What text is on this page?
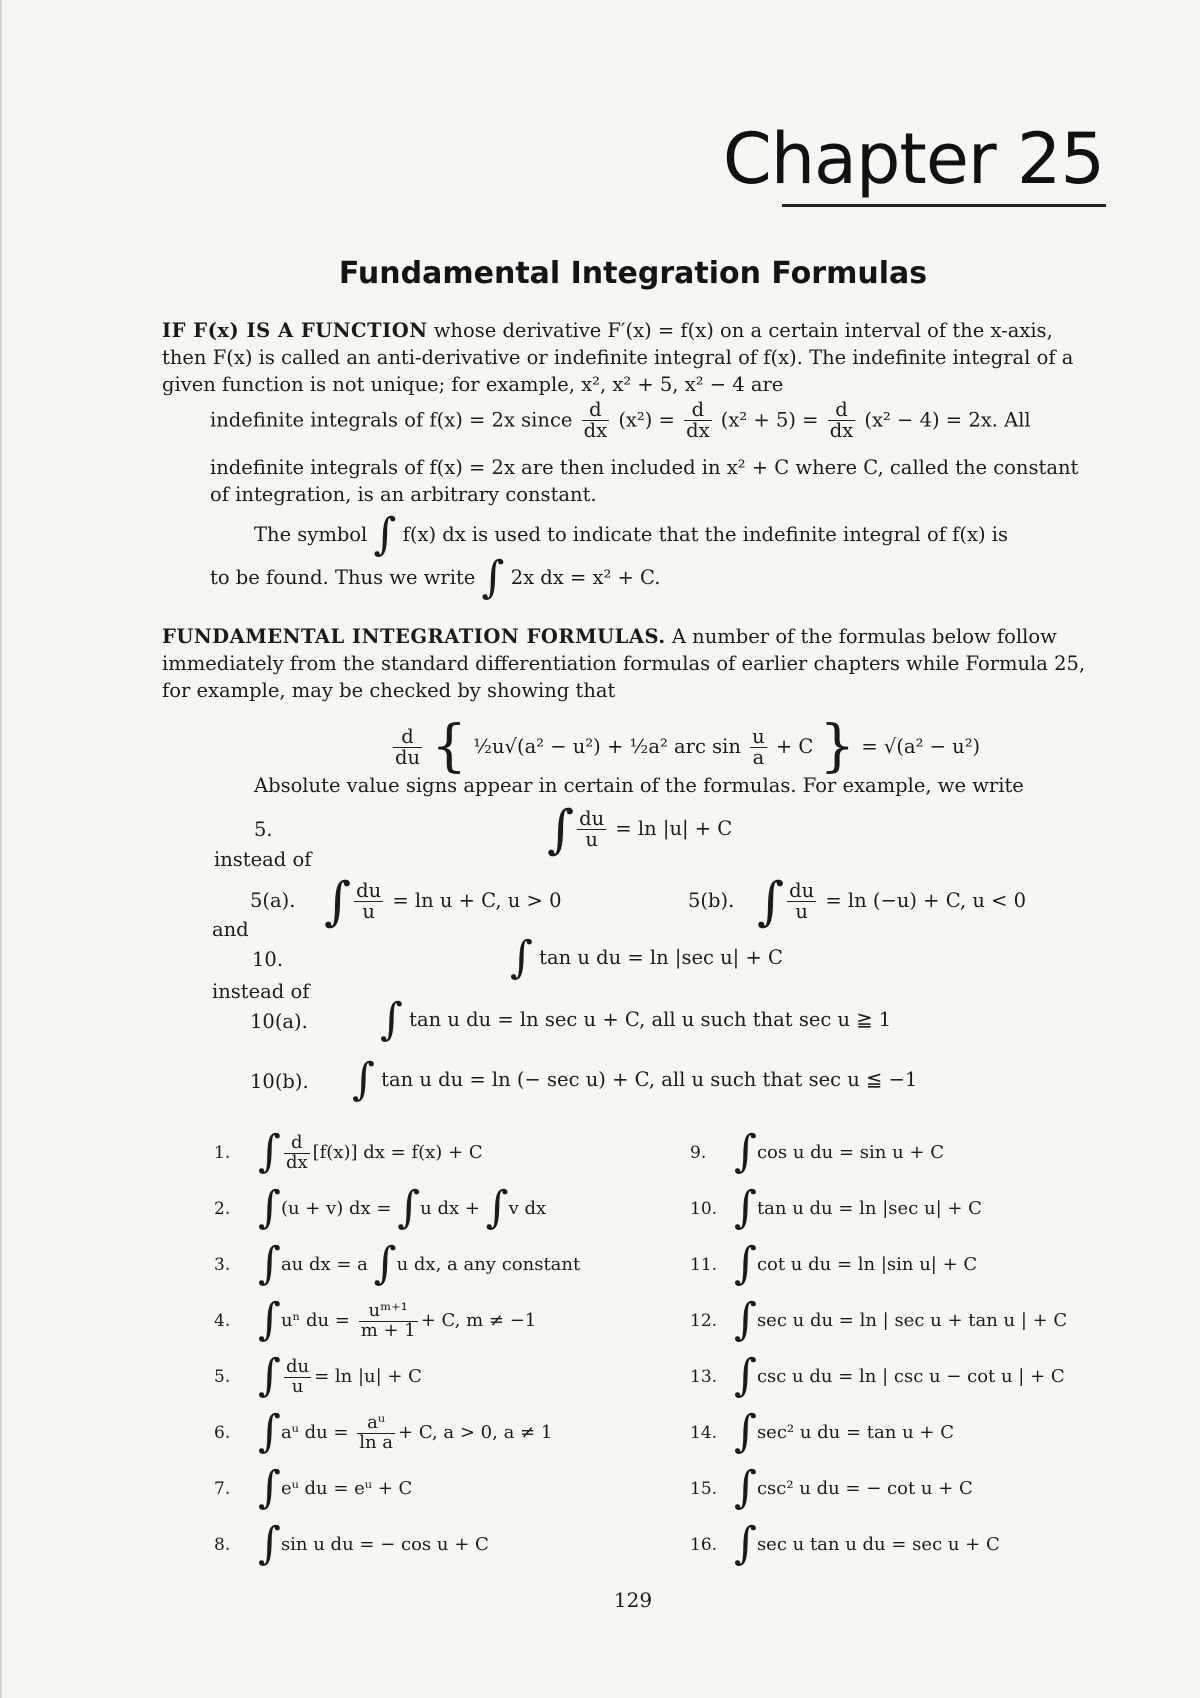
Chapter 25
Fundamental Integration Formulas
IF F(x) IS A FUNCTION whose derivative F′(x) = f(x) on a certain interval of the x-axis, then F(x) is called an anti-derivative or indefinite integral of f(x). The indefinite integral of a given function is not unique; for example, x², x² + 5, x² − 4 are
indefinite integrals of f(x) = 2x since $\frac{d}{dx} (x^2) = \frac{d}{dx} (x^2 + 5) = \frac{d}{dx} (x^2 - 4) = 2x$. All
indefinite integrals of f(x) = 2x are then included in x² + C where C, called the constant of integration, is an arbitrary constant.
The symbol ∫ f(x) dx is used to indicate that the indefinite integral of f(x) is
to be found. Thus we write ∫ 2x dx = x² + C.
FUNDAMENTAL INTEGRATION FORMULAS. A number of the formulas below follow immediately from the standard differentiation formulas of earlier chapters while Formula 25, for example, may be checked by showing that
$\frac{d}{du}$ { ½u√(a² − u²) + ½a² arc $\sin \frac{u}{a} + C$ } = √(a² − u²)
Absolute value signs appear in certain of the formulas. For example, we write
5.	∫ $\frac{du}{u} = \ln |u| + C$
instead of
5(a). ∫ $\frac{du}{u} = \ln u + C$, u > 0	5(b). ∫ $\frac{du}{u} = \ln (-u) + C$, u < 0
and
10.	∫ tan u du = ln |sec u| + C
instead of
10(a). ∫ tan u du = ln sec u + C, all u such that sec u ≧ 1
10(b). ∫ tan u du = ln (− sec u) + C, all u such that sec u ≦ −1
1. ∫ $\frac{d}{dx} [f(x)]$ dx = f(x) + C
2. ∫(u + v) dx = ∫u dx + ∫v dx
3. ∫au dx = a ∫u dx, a any constant
4. ∫uⁿ du = $\frac{\text{uᵐ⁺¹}}{m + 1} + C$, m ≠ −1
5. ∫ $\frac{du}{u} = \ln |u| + C$
6. ∫aᵘ du = $\frac{\text{aᵘ}}{\text{ln a}} + C$, a > 0, a ≠ 1
7. ∫eᵘ du = eᵘ + C
8. ∫sin u du = − cos u + C
9. ∫cos u du = sin u + C
10. ∫tan u du = ln |sec u| + C
11. ∫cot u du = ln |sin u| + C
12. ∫sec u du = ln | sec u + tan u | + C
13. ∫csc u du = ln | csc u − cot u | + C
14. ∫sec² u du = tan u + C
15. ∫csc² u du = − cot u + C
16. ∫sec u tan u du = sec u + C
129
